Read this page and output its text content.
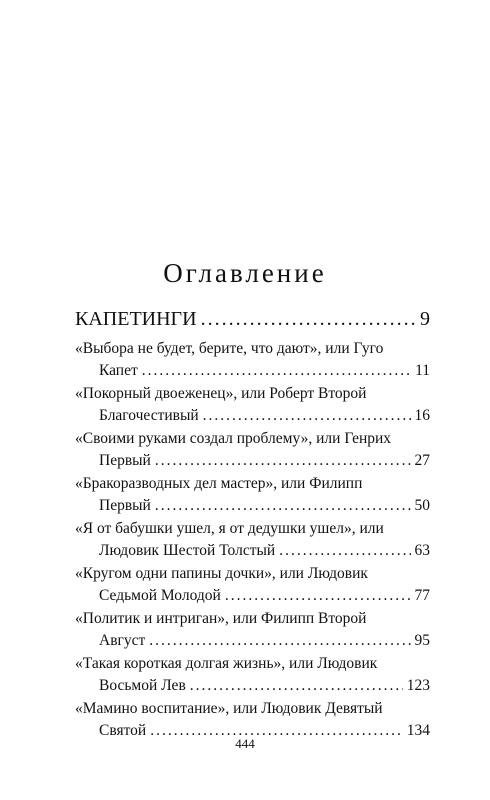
Оглавление
КАПЕТИНГИ .....	9
«Выбора не будет, берите, что дают», или Гуго
Капет .....	11
«Покорный двоеженец», или Роберт Второй
Благочестивый .....	16
«Своими руками создал проблему», или Генрих
Первый .....	27
«Бракоразводных дел мастер», или Филипп
Первый .....	50
«Я от бабушки ушел, я от дедушки ушел», или
Людовик Шестой Толстый .....	63
«Кругом одни папины дочки», или Людовик
Седьмой Молодой .....	77
«Политик и интриган», или Филипп Второй
Август .....	95
«Такая короткая долгая жизнь», или Людовик
Восьмой Лев .....	123
«Мамино воспитание», или Людовик Девятый
Святой .....	134
444
